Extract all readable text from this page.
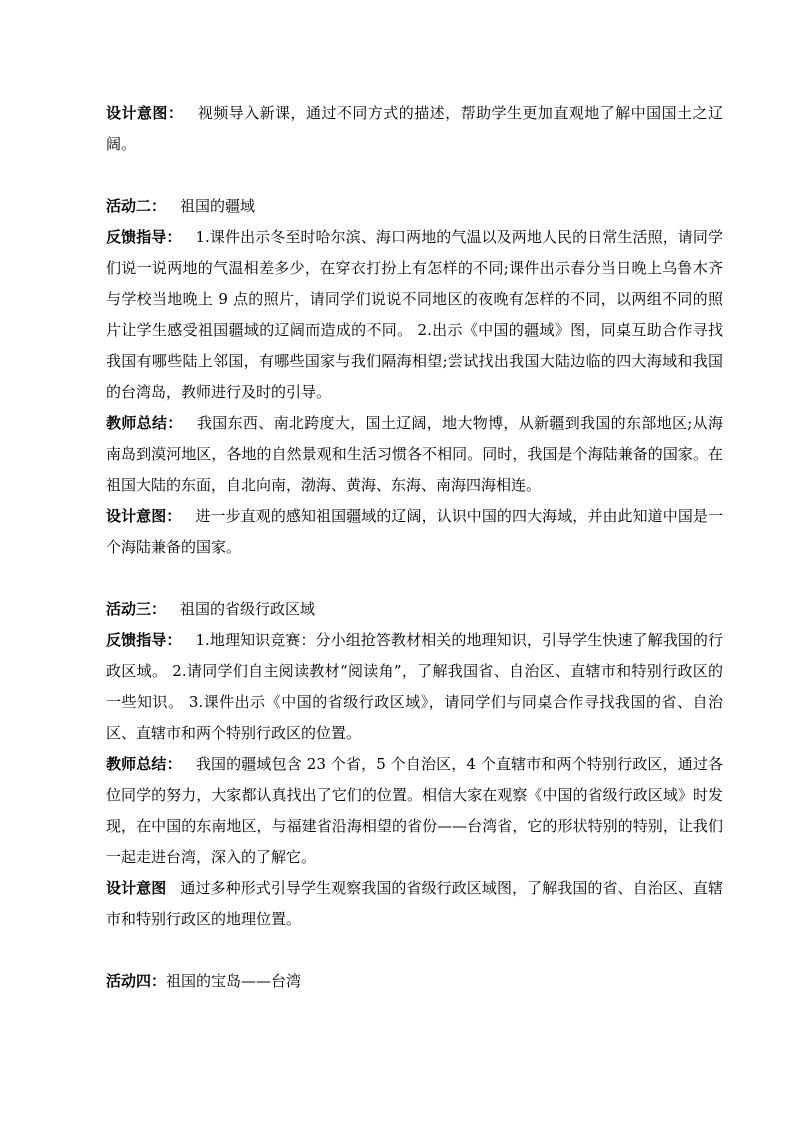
设计意图： 视频导入新课，通过不同方式的描述，帮助学生更加直观地了解中国国土之辽阔。

活动二： 祖国的疆域

反馈指导： 1.课件出示冬至时哈尔滨、海口两地的气温以及两地人民的日常生活照，请同学们说一说两地的气温相差多少，在穿衣打扮上有怎样的不同;课件出示春分当日晚上乌鲁木齐与学校当地晚上 9 点的照片，请同学们说说不同地区的夜晚有怎样的不同，以两组不同的照片让学生感受祖国疆域的辽阔而造成的不同。 2.出示《中国的疆域》图，同桌互助合作寻找我国有哪些陆上邻国，有哪些国家与我们隔海相望;尝试找出我国大陆边临的四大海域和我国的台湾岛，教师进行及时的引导。

教师总结： 我国东西、南北跨度大，国土辽阔，地大物博，从新疆到我国的东部地区;从海南岛到漠河地区，各地的自然景观和生活习惯各不相同。同时，我国是个海陆兼备的国家。在祖国大陆的东面，自北向南，渤海、黄海、东海、南海四海相连。

设计意图： 进一步直观的感知祖国疆域的辽阔，认识中国的四大海域，并由此知道中国是一个海陆兼备的国家。

活动三： 祖国的省级行政区域

反馈指导： 1.地理知识竞赛：分小组抢答教材相关的地理知识，引导学生快速了解我国的行政区域。 2.请同学们自主阅读教材“阅读角”，了解我国省、自治区、直辖市和特别行政区的一些知识。 3.课件出示《中国的省级行政区域》，请同学们与同桌合作寻找我国的省、自治区、直辖市和两个特别行政区的位置。

教师总结： 我国的疆域包含 23 个省，5 个自治区，4 个直辖市和两个特别行政区，通过各位同学的努力，大家都认真找出了它们的位置。相信大家在观察《中国的省级行政区域》时发现，在中国的东南地区，与福建省沿海相望的省份——台湾省，它的形状特别的特别，让我们一起走进台湾，深入的了解它。

设计意图 通过多种形式引导学生观察我国的省级行政区域图，了解我国的省、自治区、直辖市和特别行政区的地理位置。

活动四：祖国的宝岛——台湾
